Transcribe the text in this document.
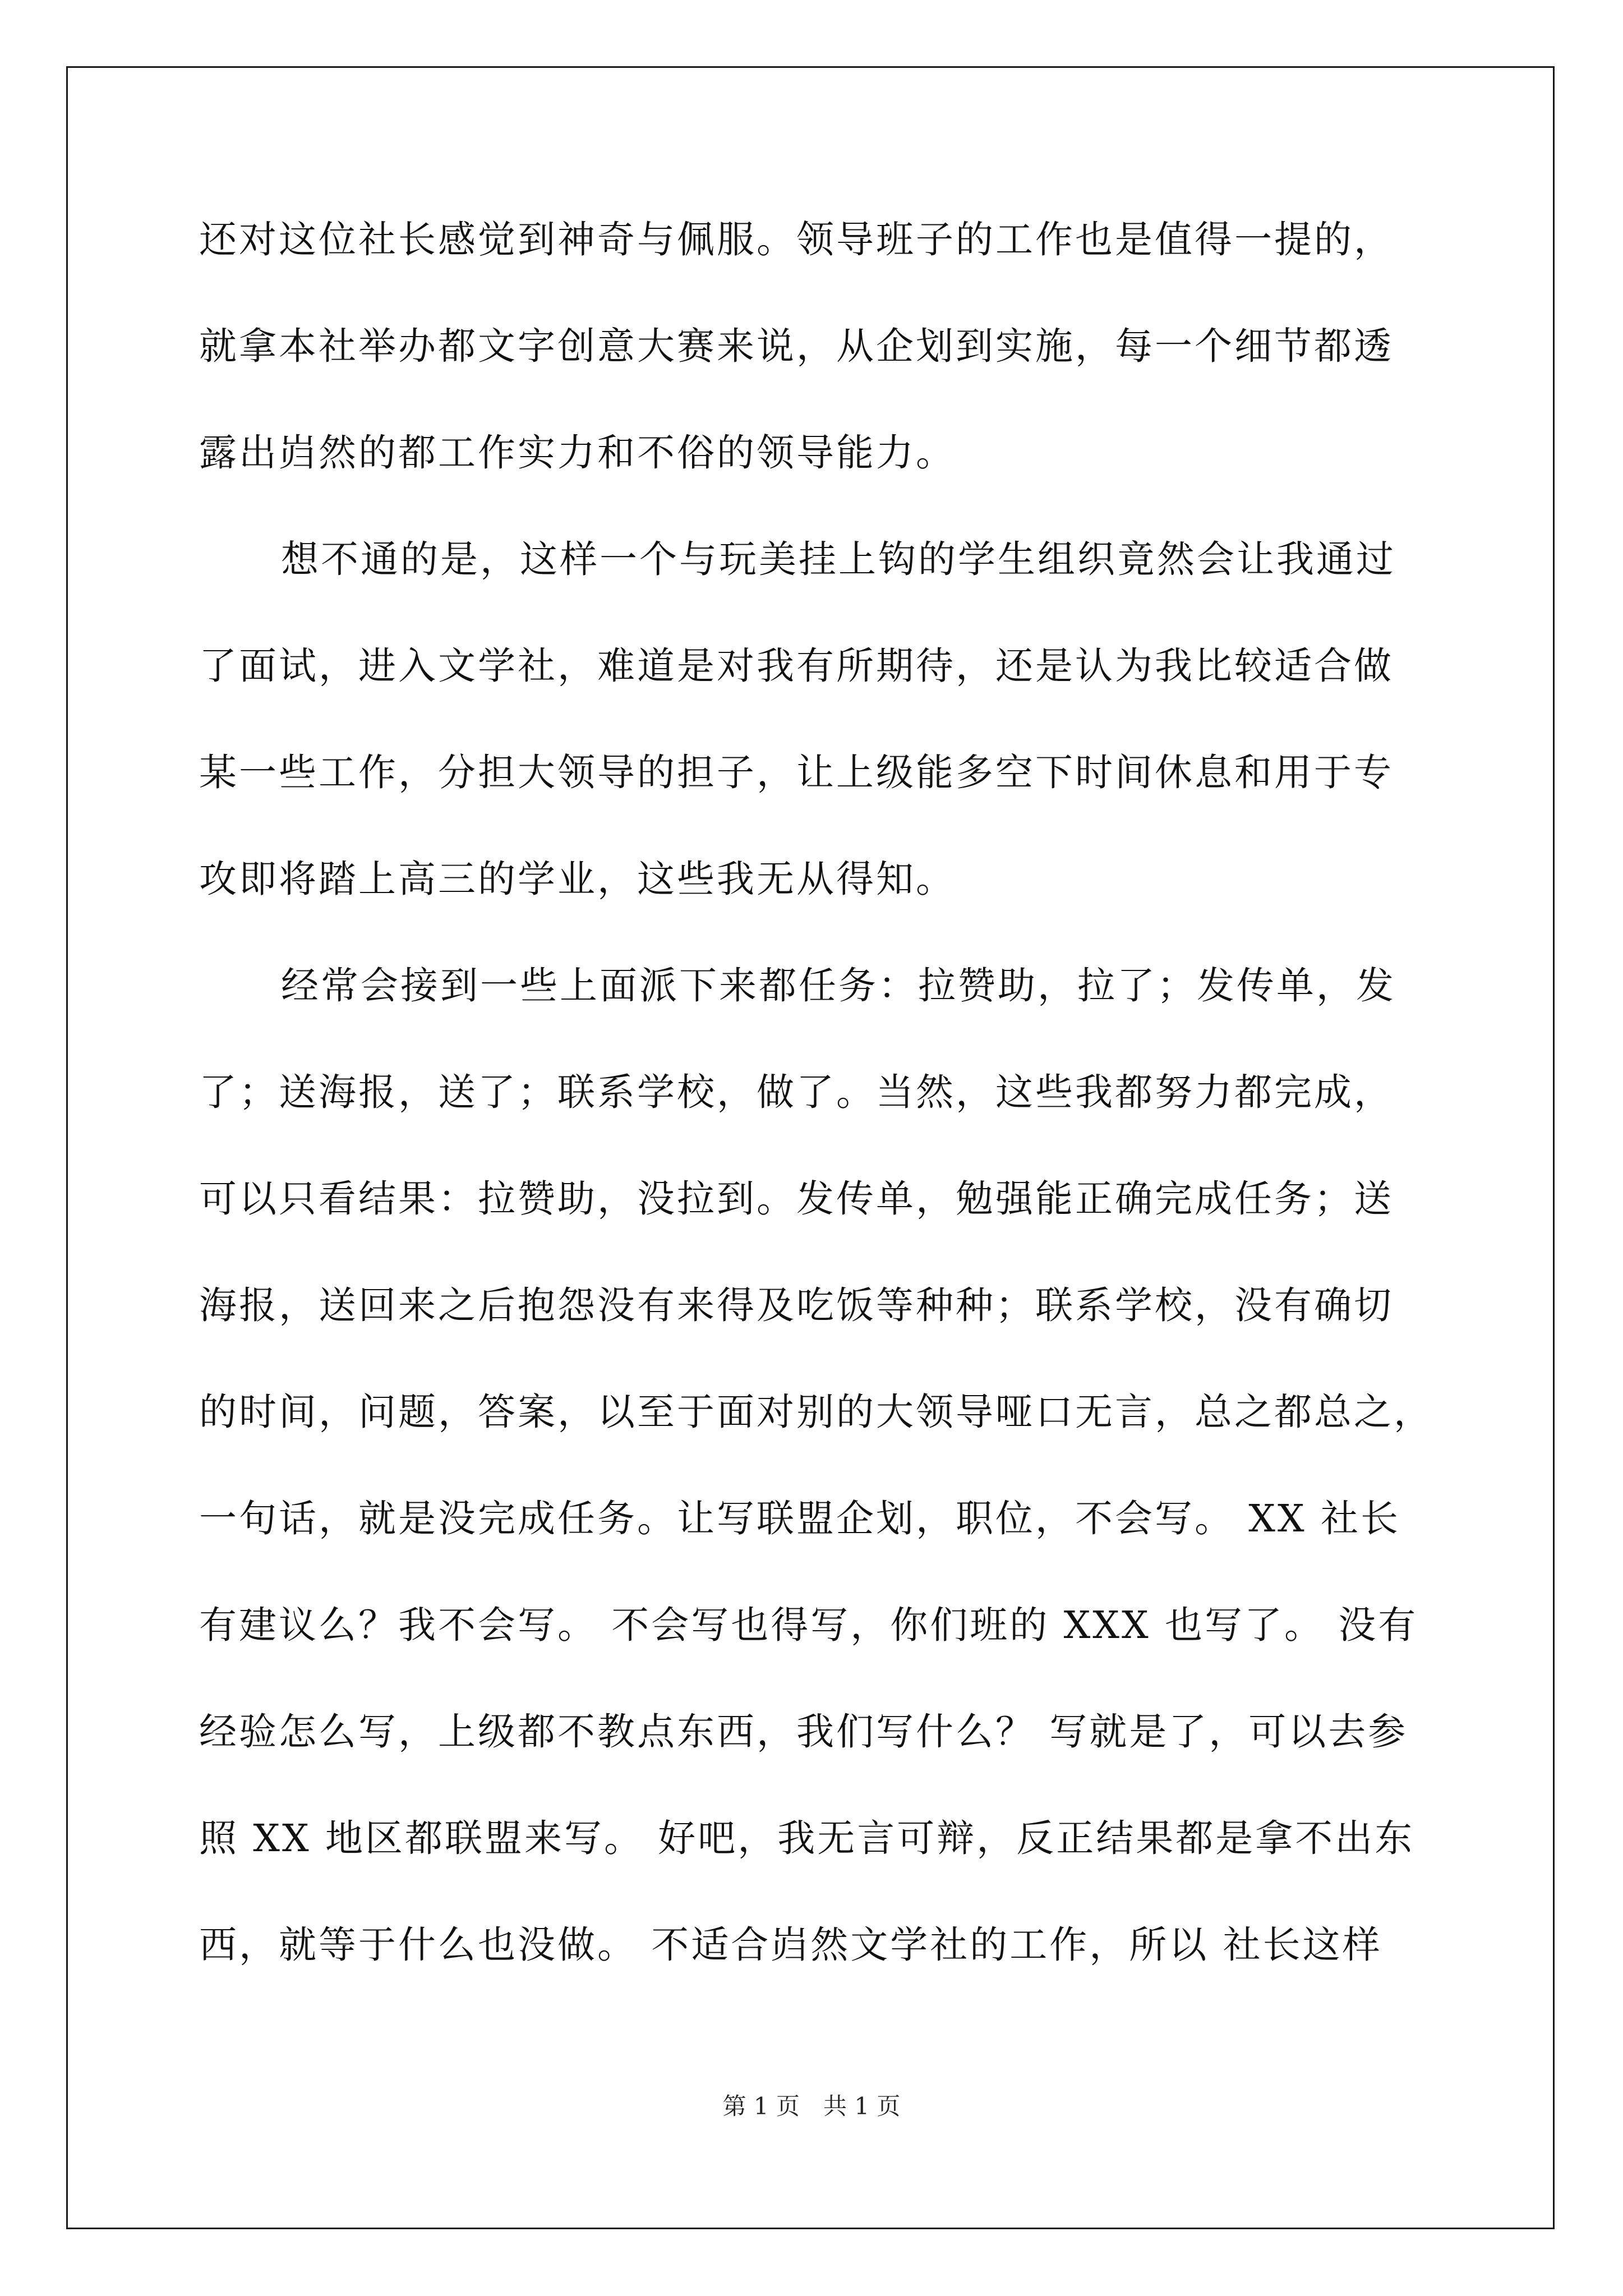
还对这位社长感觉到神奇与佩服。领导班子的工作也是值得一提的，
就拿本社举办都文字创意大赛来说，从企划到实施，每一个细节都透
露出岿然的都工作实力和不俗的领导能力。
想不通的是，这样一个与玩美挂上钩的学生组织竟然会让我通过
了面试，进入文学社，难道是对我有所期待，还是认为我比较适合做
某一些工作，分担大领导的担子，让上级能多空下时间休息和用于专
攻即将踏上高三的学业，这些我无从得知。
经常会接到一些上面派下来都任务：拉赞助，拉了；发传单，发
了；送海报，送了；联系学校，做了。当然，这些我都努力都完成，
可以只看结果：拉赞助，没拉到。发传单，勉强能正确完成任务；送
海报，送回来之后抱怨没有来得及吃饭等种种；联系学校，没有确切
的时间，问题，答案，以至于面对别的大领导哑口无言，总之都总之，
一句话，就是没完成任务。让写联盟企划，职位，不会写。 XX 社长
有建议么？我不会写。 不会写也得写，你们班的 XXX 也写了。 没有
经验怎么写，上级都不教点东西，我们写什么？ 写就是了，可以去参
照 XX 地区都联盟来写。 好吧，我无言可辩，反正结果都是拿不出东
西，就等于什么也没做。 不适合岿然文学社的工作，所以 社长这样
第 1 页　共 1 页
